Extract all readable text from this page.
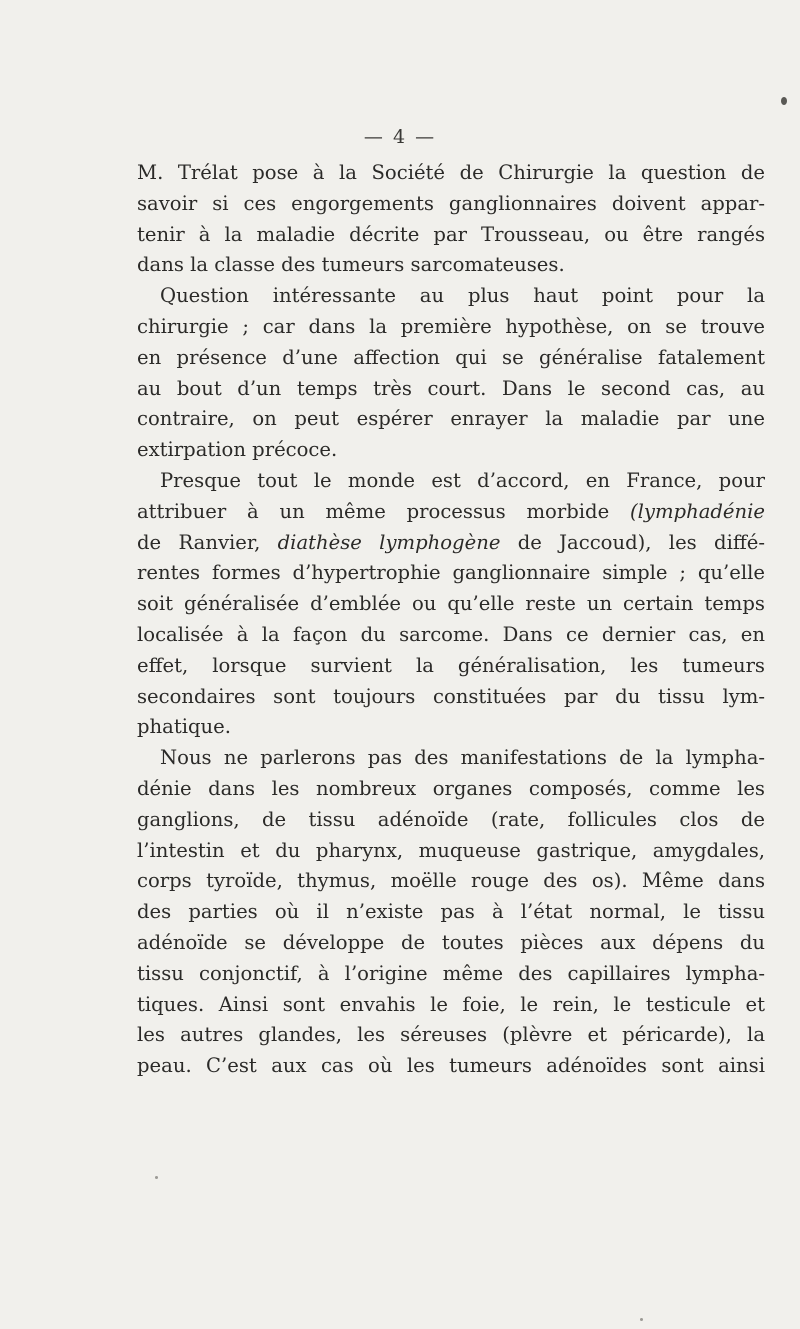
— 4 —
M. Trélat pose à la Société de Chirurgie la question de
savoir si ces engorgements ganglionnaires doivent appar-
tenir à la maladie décrite par Trousseau, ou être rangés
dans la classe des tumeurs sarcomateuses.
Question intéressante au plus haut point pour la
chirurgie ; car dans la première hypothèse, on se trouve
en présence d’une affection qui se généralise fatalement
au bout d’un temps très court. Dans le second cas, au
contraire, on peut espérer enrayer la maladie par une
extirpation précoce.
Presque tout le monde est d’accord, en France, pour
attribuer à un même processus morbide (lymphadénie
de Ranvier, diathèse lymphogène de Jaccoud), les diffé-
rentes formes d’hypertrophie ganglionnaire simple ; qu’elle
soit généralisée d’emblée ou qu’elle reste un certain temps
localisée à la façon du sarcome. Dans ce dernier cas, en
effet, lorsque survient la généralisation, les tumeurs
secondaires sont toujours constituées par du tissu lym-
phatique.
Nous ne parlerons pas des manifestations de la lympha-
dénie dans les nombreux organes composés, comme les
ganglions, de tissu adénoïde (rate, follicules clos de
l’intestin et du pharynx, muqueuse gastrique, amygdales,
corps tyroïde, thymus, moëlle rouge des os). Même dans
des parties où il n’existe pas à l’état normal, le tissu
adénoïde se développe de toutes pièces aux dépens du
tissu conjonctif, à l’origine même des capillaires lympha-
tiques. Ainsi sont envahis le foie, le rein, le testicule et
les autres glandes, les séreuses (plèvre et péricarde), la
peau. C’est aux cas où les tumeurs adénoïdes sont ainsi
